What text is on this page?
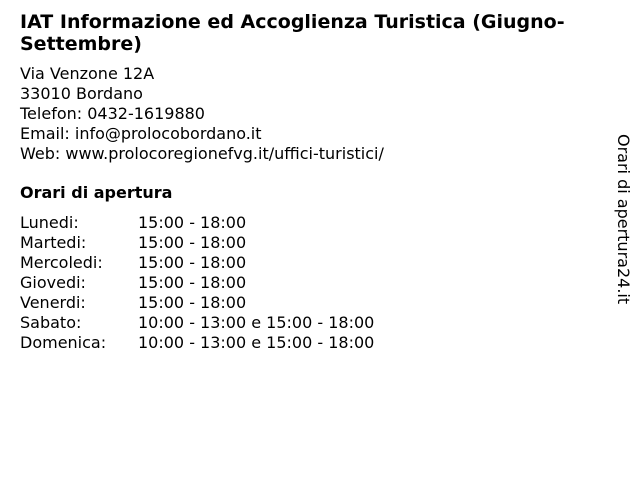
IAT Informazione ed Accoglienza Turistica (Giugno-Settembre)
Via Venzone 12A
33010 Bordano
Telefon: 0432-1619880
Email: info@prolocobordano.it
Web: www.prolocoregionefvg.it/uffici-turistici/
Orari di apertura
Lunedi:	15:00 - 18:00
Martedi:	15:00 - 18:00
Mercoledi:	15:00 - 18:00
Giovedi:	15:00 - 18:00
Venerdi:	15:00 - 18:00
Sabato:	10:00 - 13:00 e 15:00 - 18:00
Domenica:	10:00 - 13:00 e 15:00 - 18:00
Orari di apertura24.it
